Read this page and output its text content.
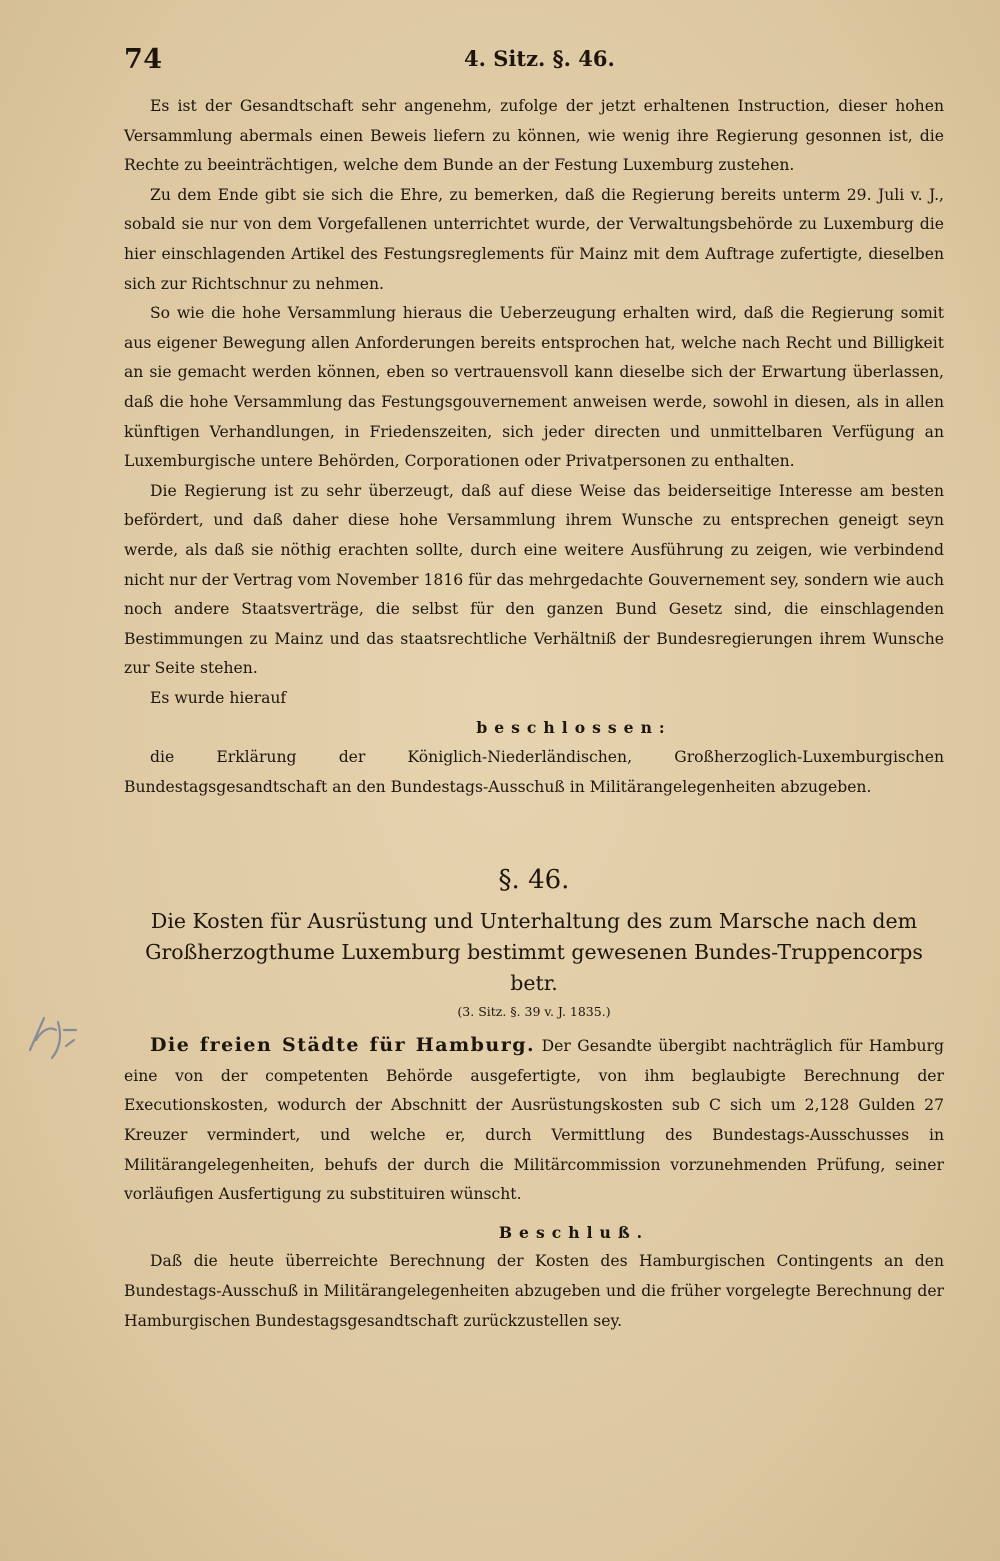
74	4. Sitz. §. 46.

Es ist der Gesandtschaft sehr angenehm, zufolge der jetzt erhaltenen Instruction, dieser hohen Versammlung abermals einen Beweis liefern zu können, wie wenig ihre Regierung gesonnen ist, die Rechte zu beeinträchtigen, welche dem Bunde an der Festung Luxemburg zustehen.

Zu dem Ende gibt sie sich die Ehre, zu bemerken, daß die Regierung bereits unterm 29. Juli v. J., sobald sie nur von dem Vorgefallenen unterrichtet wurde, der Verwaltungsbehörde zu Luxemburg die hier einschlagenden Artikel des Festungsreglements für Mainz mit dem Auftrage zufertigte, dieselben sich zur Richtschnur zu nehmen.

So wie die hohe Versammlung hieraus die Ueberzeugung erhalten wird, daß die Regierung somit aus eigener Bewegung allen Anforderungen bereits entsprochen hat, welche nach Recht und Billigkeit an sie gemacht werden können, eben so vertrauensvoll kann dieselbe sich der Erwartung überlassen, daß die hohe Versammlung das Festungsgouvernement anweisen werde, sowohl in diesen, als in allen künftigen Verhandlungen, in Friedenszeiten, sich jeder directen und unmittelbaren Verfügung an Luxemburgische untere Behörden, Corporationen oder Privatpersonen zu enthalten.

Die Regierung ist zu sehr überzeugt, daß auf diese Weise das beiderseitige Interesse am besten befördert, und daß daher diese hohe Versammlung ihrem Wunsche zu entsprechen geneigt seyn werde, als daß sie nöthig erachten sollte, durch eine weitere Ausführung zu zeigen, wie verbindend nicht nur der Vertrag vom November 1816 für das mehrgedachte Gouvernement sey, sondern wie auch noch andere Staatsverträge, die selbst für den ganzen Bund Gesetz sind, die einschlagenden Bestimmungen zu Mainz und das staatsrechtliche Verhältniß der Bundesregierungen ihrem Wunsche zur Seite stehen.

Es wurde hierauf

beschlossen:

die Erklärung der Königlich-Niederländischen, Großherzoglich-Luxemburgischen Bundestagsgesandtschaft an den Bundestags-Ausschuß in Militärangelegenheiten abzugeben.

§. 46.
Die Kosten für Ausrüstung und Unterhaltung des zum Marsche nach dem Großherzogthume Luxemburg bestimmt gewesenen Bundes-Truppencorps betr.
(3. Sitz. §. 39 v. J. 1835.)

Die freien Städte für Hamburg. Der Gesandte übergibt nachträglich für Hamburg eine von der competenten Behörde ausgefertigte, von ihm beglaubigte Berechnung der Executionskosten, wodurch der Abschnitt der Ausrüstungskosten sub C sich um 2,128 Gulden 27 Kreuzer vermindert, und welche er, durch Vermittlung des Bundestags-Ausschusses in Militärangelegenheiten, behufs der durch die Militärcommission vorzunehmenden Prüfung, seiner vorläufigen Ausfertigung zu substituiren wünscht.

Beschluß.

Daß die heute überreichte Berechnung der Kosten des Hamburgischen Contingents an den Bundestags-Ausschuß in Militärangelegenheiten abzugeben und die früher vorgelegte Berechnung der Hamburgischen Bundestagsgesandtschaft zurückzustellen sey.
